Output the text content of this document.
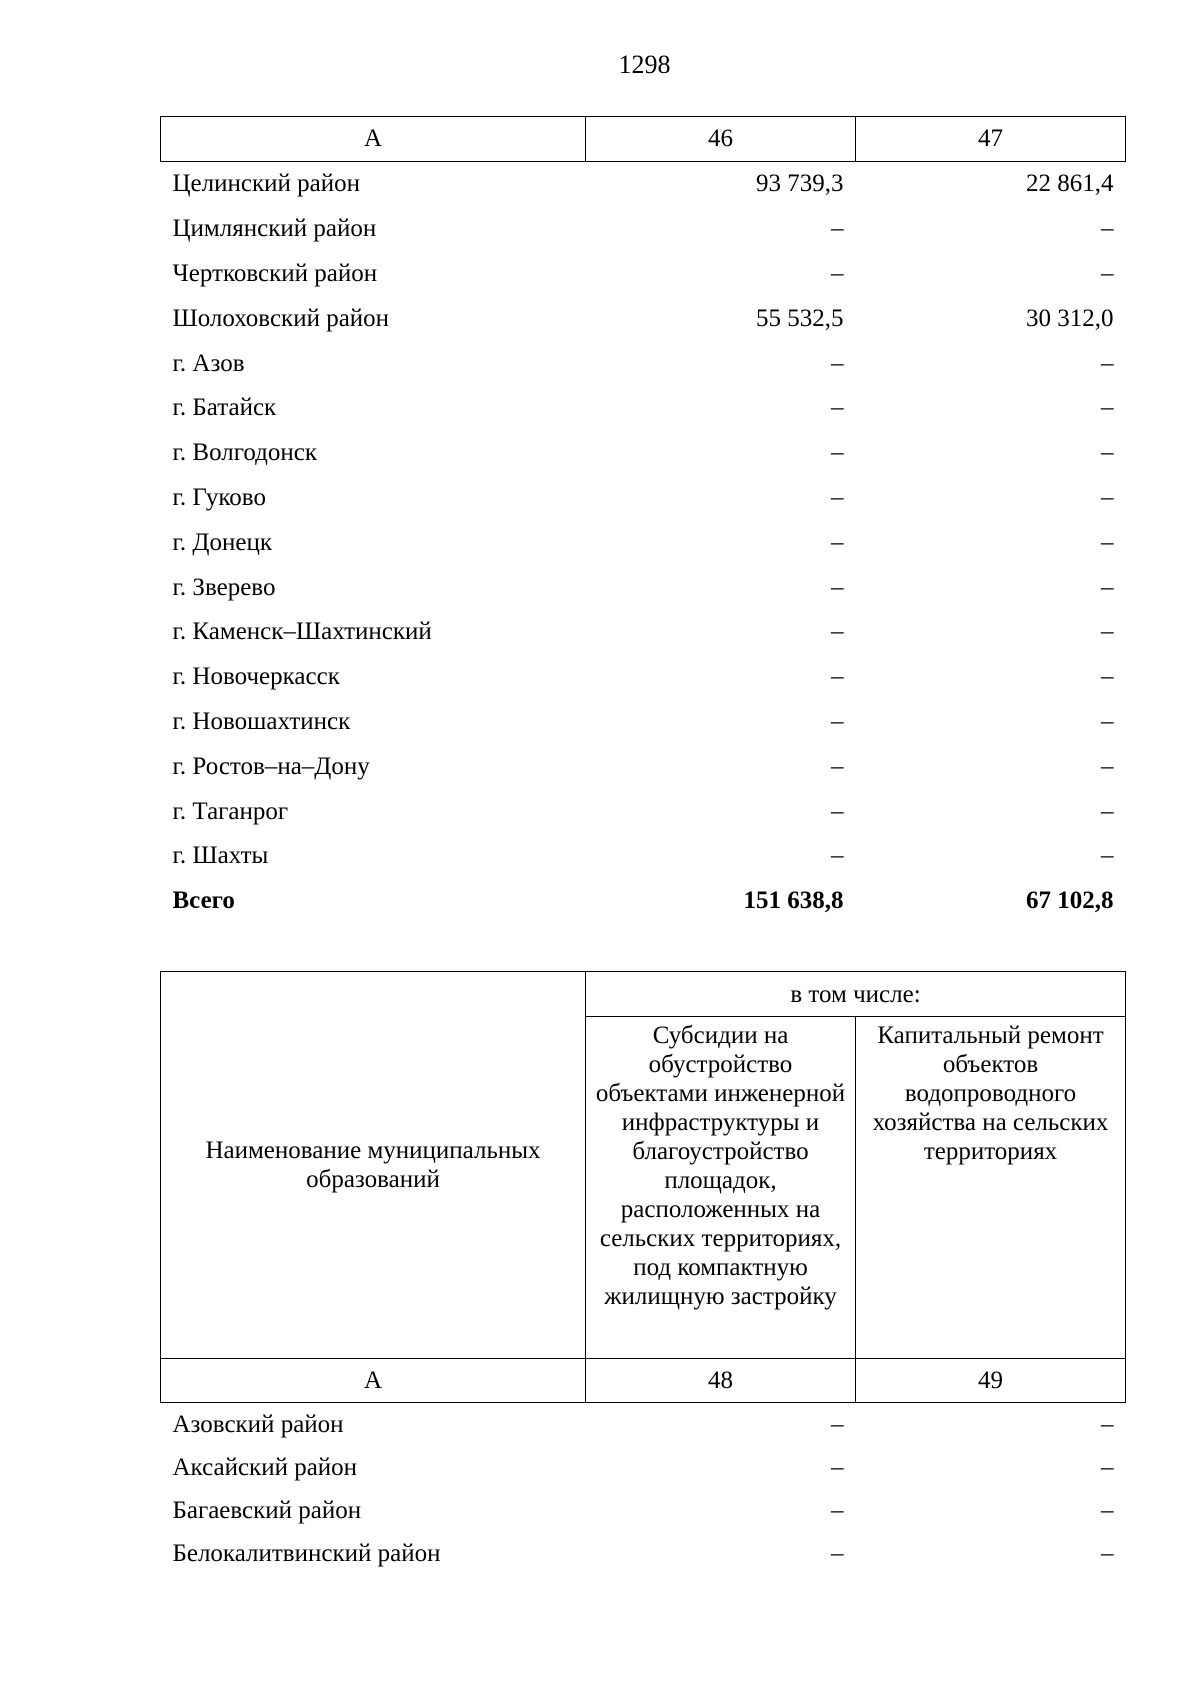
1298
А	46	47
Целинский район	93 739,3	22 861,4
Цимлянский район	–	–
Чертковский район	–	–
Шолоховский район	55 532,5	30 312,0
г. Азов	–	–
г. Батайск	–	–
г. Волгодонск	–	–
г. Гуково	–	–
г. Донецк	–	–
г. Зверево	–	–
г. Каменск–Шахтинский	–	–
г. Новочеркасск	–	–
г. Новошахтинск	–	–
г. Ростов–на–Дону	–	–
г. Таганрог	–	–
г. Шахты	–	–
Всего	151 638,8	67 102,8
Наименование муниципальных образований	в том числе:	
	Субсидии на обустройство объектами инженерной инфраструктуры и благоустройство площадок, расположенных на сельских территориях, под компактную жилищную застройку	Капитальный ремонт объектов водопроводного хозяйства на сельских территориях
А	48	49
Азовский район	–	–
Аксайский район	–	–
Багаевский район	–	–
Белокалитвинский район	–	–
